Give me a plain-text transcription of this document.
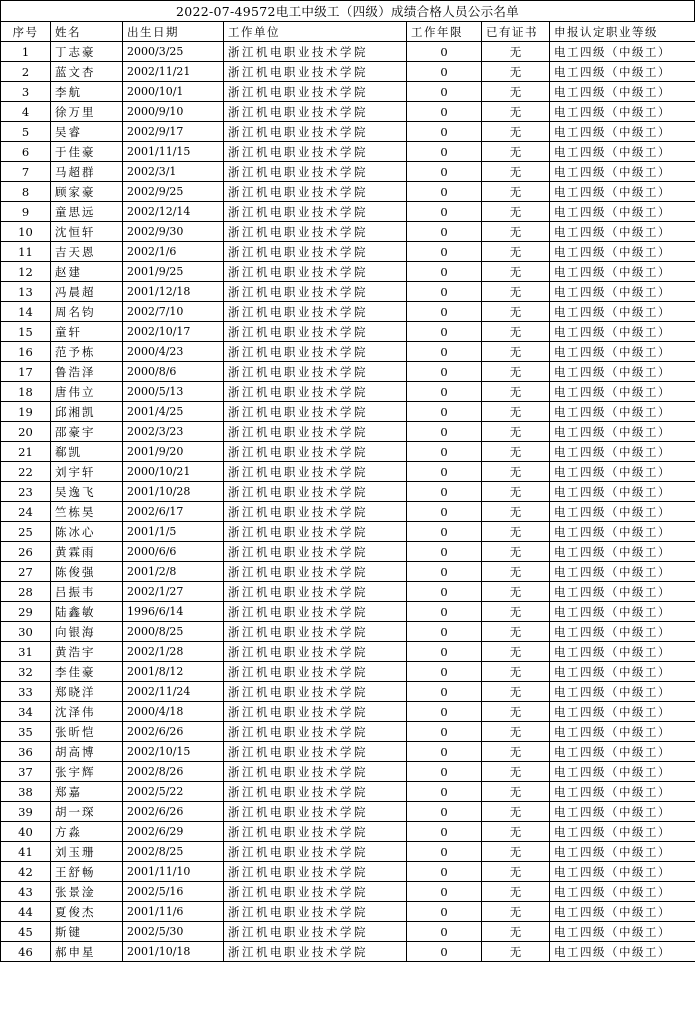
2022-07-49572电工中级工（四级）成绩合格人员公示名单
序号	姓名	出生日期	工作单位	工作年限	已有证书	申报认定职业等级
1	丁志豪	2000/3/25	浙江机电职业技术学院	0	无	电工四级（中级工）
2	蓝文杏	2002/11/21	浙江机电职业技术学院	0	无	电工四级（中级工）
3	李航	2000/10/1	浙江机电职业技术学院	0	无	电工四级（中级工）
4	徐万里	2000/9/10	浙江机电职业技术学院	0	无	电工四级（中级工）
5	吴睿	2002/9/17	浙江机电职业技术学院	0	无	电工四级（中级工）
6	于佳豪	2001/11/15	浙江机电职业技术学院	0	无	电工四级（中级工）
7	马超群	2002/3/1	浙江机电职业技术学院	0	无	电工四级（中级工）
8	顾家豪	2002/9/25	浙江机电职业技术学院	0	无	电工四级（中级工）
9	童思远	2002/12/14	浙江机电职业技术学院	0	无	电工四级（中级工）
10	沈恒轩	2002/9/30	浙江机电职业技术学院	0	无	电工四级（中级工）
11	吉天恩	2002/1/6	浙江机电职业技术学院	0	无	电工四级（中级工）
12	赵建	2001/9/25	浙江机电职业技术学院	0	无	电工四级（中级工）
13	冯晨超	2001/12/18	浙江机电职业技术学院	0	无	电工四级（中级工）
14	周名钧	2002/7/10	浙江机电职业技术学院	0	无	电工四级（中级工）
15	童轩	2002/10/17	浙江机电职业技术学院	0	无	电工四级（中级工）
16	范予栋	2000/4/23	浙江机电职业技术学院	0	无	电工四级（中级工）
17	鲁浩泽	2000/8/6	浙江机电职业技术学院	0	无	电工四级（中级工）
18	唐伟立	2000/5/13	浙江机电职业技术学院	0	无	电工四级（中级工）
19	邱湘凯	2001/4/25	浙江机电职业技术学院	0	无	电工四级（中级工）
20	邵豪宇	2002/3/23	浙江机电职业技术学院	0	无	电工四级（中级工）
21	郗凯	2001/9/20	浙江机电职业技术学院	0	无	电工四级（中级工）
22	刘宇轩	2000/10/21	浙江机电职业技术学院	0	无	电工四级（中级工）
23	吴逸飞	2001/10/28	浙江机电职业技术学院	0	无	电工四级（中级工）
24	竺栋昊	2002/6/17	浙江机电职业技术学院	0	无	电工四级（中级工）
25	陈冰心	2001/1/5	浙江机电职业技术学院	0	无	电工四级（中级工）
26	黄霖雨	2000/6/6	浙江机电职业技术学院	0	无	电工四级（中级工）
27	陈俊强	2001/2/8	浙江机电职业技术学院	0	无	电工四级（中级工）
28	吕振韦	2002/1/27	浙江机电职业技术学院	0	无	电工四级（中级工）
29	陆鑫敏	1996/6/14	浙江机电职业技术学院	0	无	电工四级（中级工）
30	向银海	2000/8/25	浙江机电职业技术学院	0	无	电工四级（中级工）
31	黄浩宇	2002/1/28	浙江机电职业技术学院	0	无	电工四级（中级工）
32	李佳豪	2001/8/12	浙江机电职业技术学院	0	无	电工四级（中级工）
33	郑晓洋	2002/11/24	浙江机电职业技术学院	0	无	电工四级（中级工）
34	沈泽伟	2000/4/18	浙江机电职业技术学院	0	无	电工四级（中级工）
35	张昕恺	2002/6/26	浙江机电职业技术学院	0	无	电工四级（中级工）
36	胡高博	2002/10/15	浙江机电职业技术学院	0	无	电工四级（中级工）
37	张宇辉	2002/8/26	浙江机电职业技术学院	0	无	电工四级（中级工）
38	郑嘉	2002/5/22	浙江机电职业技术学院	0	无	电工四级（中级工）
39	胡一琛	2002/6/26	浙江机电职业技术学院	0	无	电工四级（中级工）
40	方淼	2002/6/29	浙江机电职业技术学院	0	无	电工四级（中级工）
41	刘玉珊	2002/8/25	浙江机电职业技术学院	0	无	电工四级（中级工）
42	王舒畅	2001/11/10	浙江机电职业技术学院	0	无	电工四级（中级工）
43	张景淦	2002/5/16	浙江机电职业技术学院	0	无	电工四级（中级工）
44	夏俊杰	2001/11/6	浙江机电职业技术学院	0	无	电工四级（中级工）
45	斯键	2002/5/30	浙江机电职业技术学院	0	无	电工四级（中级工）
46	郝申星	2001/10/18	浙江机电职业技术学院	0	无	电工四级（中级工）
